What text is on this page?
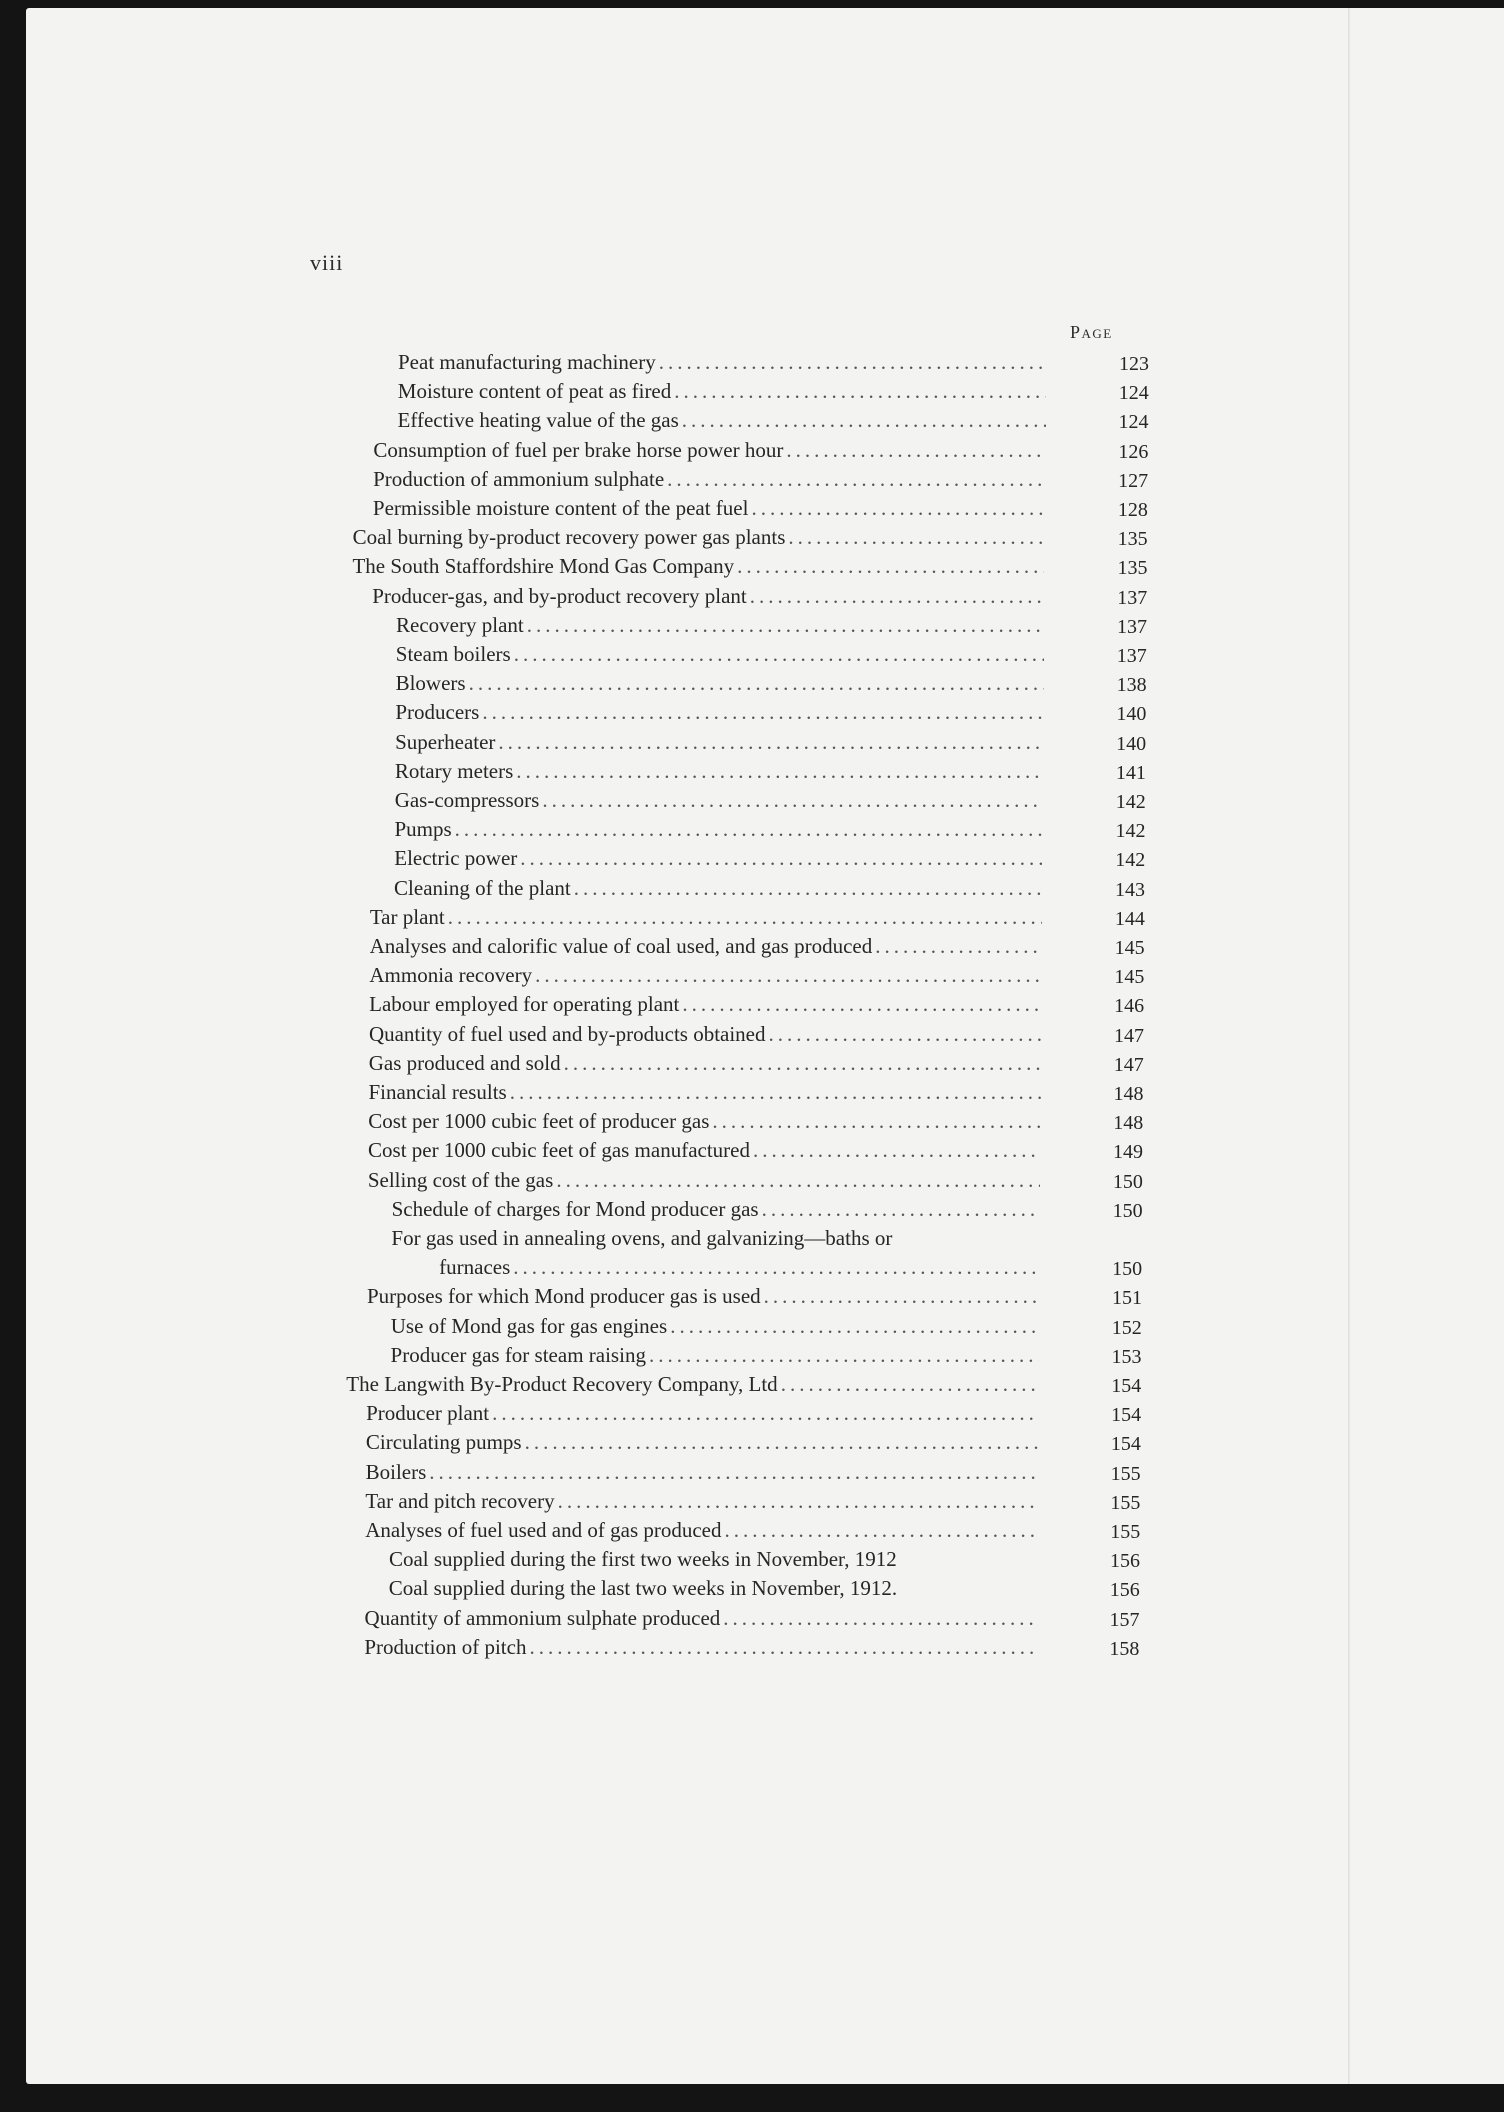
viii
Page
Peat manufacturing machinery .....	123
Moisture content of peat as fired .....	124
Effective heating value of the gas .....	124
Consumption of fuel per brake horse power hour .....	126
Production of ammonium sulphate .....	127
Permissible moisture content of the peat fuel .....	128
Coal burning by-product recovery power gas plants .....	135
The South Staffordshire Mond Gas Company .....	135
Producer-gas, and by-product recovery plant .....	137
Recovery plant .....	137
Steam boilers .....	137
Blowers .....	138
Producers .....	140
Superheater .....	140
Rotary meters .....	141
Gas-compressors .....	142
Pumps .....	142
Electric power .....	142
Cleaning of the plant .....	143
Tar plant .....	144
Analyses and calorific value of coal used, and gas produced .....	145
Ammonia recovery .....	145
Labour employed for operating plant .....	146
Quantity of fuel used and by-products obtained .....	147
Gas produced and sold .....	147
Financial results .....	148
Cost per 1000 cubic feet of producer gas .....	148
Cost per 1000 cubic feet of gas manufactured .....	149
Selling cost of the gas .....	150
Schedule of charges for Mond producer gas .....	150
For gas used in annealing ovens, and galvanizing—baths or
furnaces .....	150
Purposes for which Mond producer gas is used .....	151
Use of Mond gas for gas engines .....	152
Producer gas for steam raising .....	153
The Langwith By-Product Recovery Company, Ltd .....	154
Producer plant .....	154
Circulating pumps .....	154
Boilers .....	155
Tar and pitch recovery .....	155
Analyses of fuel used and of gas produced .....	155
Coal supplied during the first two weeks in November, 1912	156
Coal supplied during the last two weeks in November, 1912.	156
Quantity of ammonium sulphate produced .....	157
Production of pitch .....	158
